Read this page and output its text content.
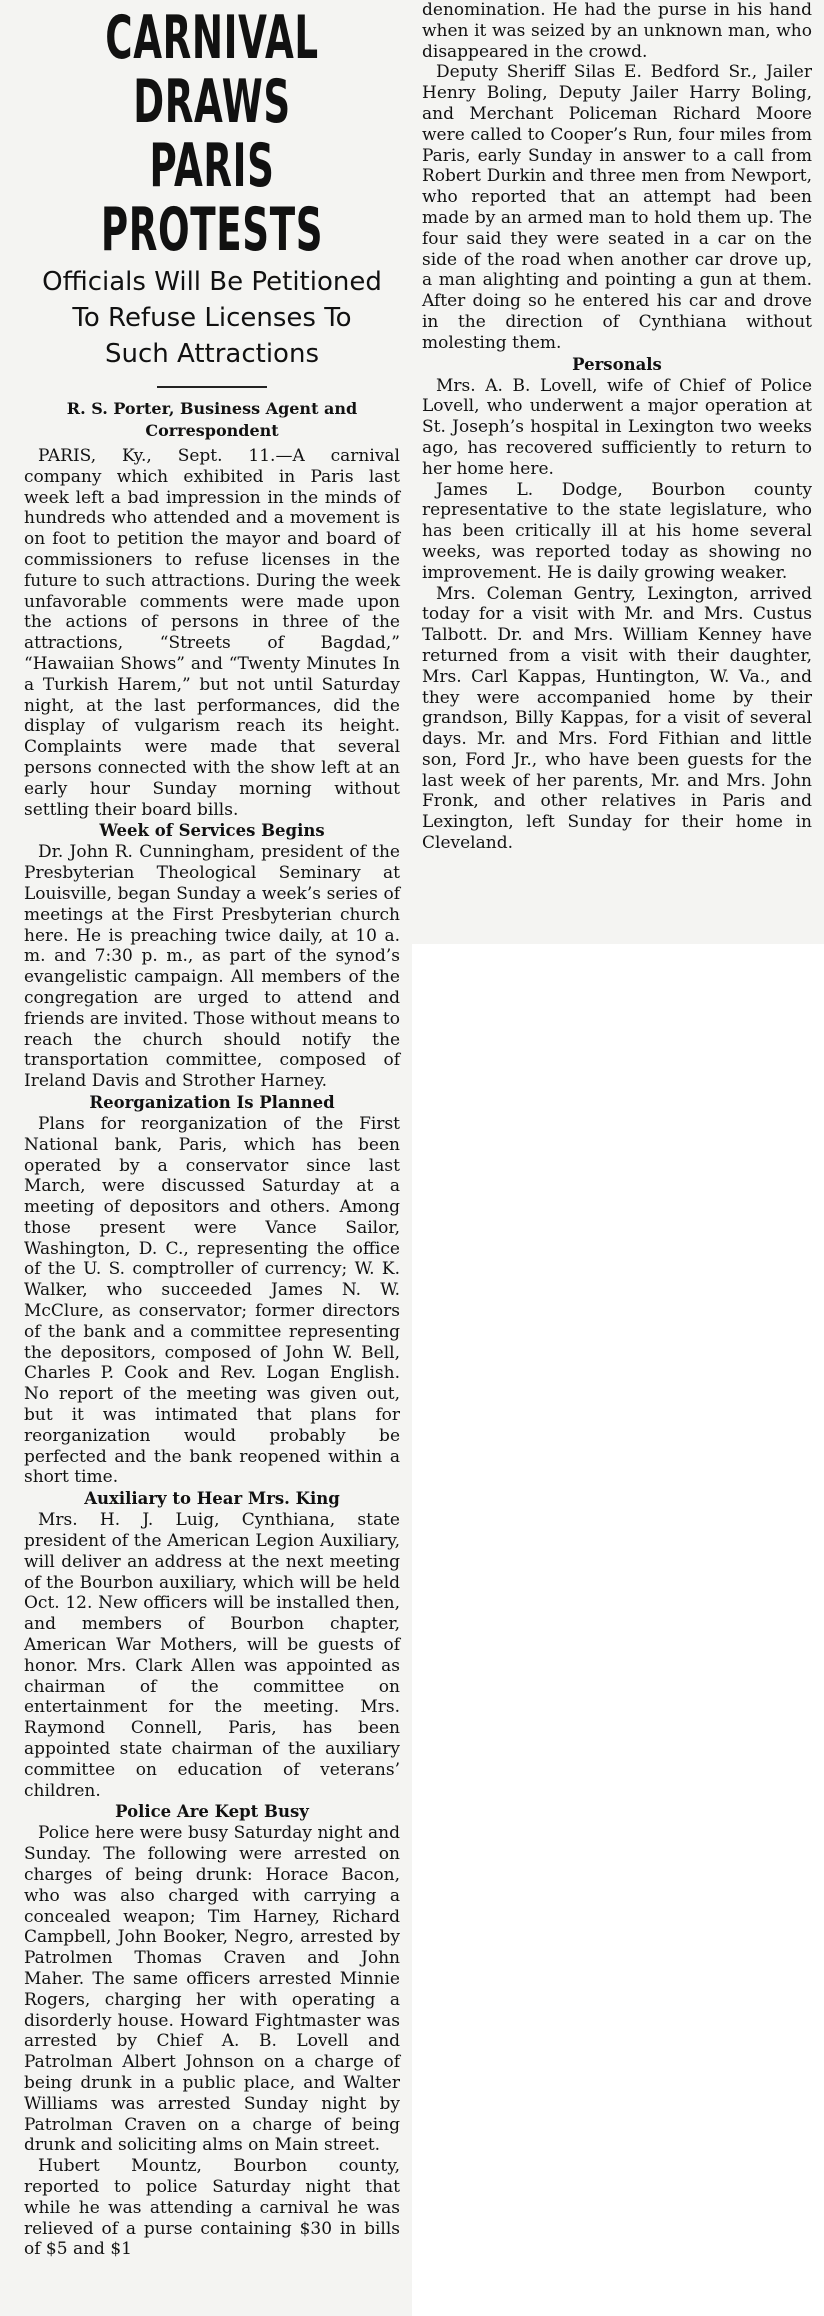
CARNIVAL DRAWS
PARIS PROTESTS
Officials Will Be Petitioned
To Refuse Licenses To
Such Attractions
R. S. Porter, Business Agent and
Correspondent

PARIS, Ky., Sept. 11.—A carnival company which exhibited in Paris last week left a bad impression in the minds of hundreds who attended and a movement is on foot to petition the mayor and board of commissioners to refuse licenses in the future to such attractions. During the week unfavorable comments were made upon the actions of persons in three of the attractions, “Streets of Bagdad,” “Hawaiian Shows” and “Twenty Minutes In a Turkish Harem,” but not until Saturday night, at the last performances, did the display of vulgarism reach its height. Complaints were made that several persons connected with the show left at an early hour Sunday morning without settling their board bills.

Week of Services Begins

Dr. John R. Cunningham, president of the Presbyterian Theological Seminary at Louisville, began Sunday a week’s series of meetings at the First Presbyterian church here. He is preaching twice daily, at 10 a. m. and 7:30 p. m., as part of the synod’s evangelistic campaign. All members of the congregation are urged to attend and friends are invited. Those without means to reach the church should notify the transportation committee, composed of Ireland Davis and Strother Harney.

Reorganization Is Planned

Plans for reorganization of the First National bank, Paris, which has been operated by a conservator since last March, were discussed Saturday at a meeting of depositors and others. Among those present were Vance Sailor, Washington, D. C., representing the office of the U. S. comptroller of currency; W. K. Walker, who succeeded James N. W. McClure, as conservator; former directors of the bank and a committee representing the depositors, composed of John W. Bell, Charles P. Cook and Rev. Logan English. No report of the meeting was given out, but it was intimated that plans for reorganization would probably be perfected and the bank reopened within a short time.

Auxiliary to Hear Mrs. King

Mrs. H. J. Luig, Cynthiana, state president of the American Legion Auxiliary, will deliver an address at the next meeting of the Bourbon auxiliary, which will be held Oct. 12. New officers will be installed then, and members of Bourbon chapter, American War Mothers, will be guests of honor. Mrs. Clark Allen was appointed as chairman of the committee on entertainment for the meeting. Mrs. Raymond Connell, Paris, has been appointed state chairman of the auxiliary committee on education of veterans’ children.

Police Are Kept Busy

Police here were busy Saturday night and Sunday. The following were arrested on charges of being drunk: Horace Bacon, who was also charged with carrying a concealed weapon; Tim Harney, Richard Campbell, John Booker, Negro, arrested by Patrolmen Thomas Craven and John Maher. The same officers arrested Minnie Rogers, charging her with operating a disorderly house. Howard Fightmaster was arrested by Chief A. B. Lovell and Patrolman Albert Johnson on a charge of being drunk in a public place, and Walter Williams was arrested Sunday night by Patrolman Craven on a charge of being drunk and soliciting alms on Main street.

Hubert Mountz, Bourbon county, reported to police Saturday night that while he was attending a carnival he was relieved of a purse containing $30 in bills of $5 and $1

denomination. He had the purse in his hand when it was seized by an unknown man, who disappeared in the crowd.

Deputy Sheriff Silas E. Bedford Sr., Jailer Henry Boling, Deputy Jailer Harry Boling, and Merchant Policeman Richard Moore were called to Cooper’s Run, four miles from Paris, early Sunday in answer to a call from Robert Durkin and three men from Newport, who reported that an attempt had been made by an armed man to hold them up. The four said they were seated in a car on the side of the road when another car drove up, a man alighting and pointing a gun at them. After doing so he entered his car and drove in the direction of Cynthiana without molesting them.

Personals

Mrs. A. B. Lovell, wife of Chief of Police Lovell, who underwent a major operation at St. Joseph’s hospital in Lexington two weeks ago, has recovered sufficiently to return to her home here.

James L. Dodge, Bourbon county representative to the state legislature, who has been critically ill at his home several weeks, was reported today as showing no improvement. He is daily growing weaker.

Mrs. Coleman Gentry, Lexington, arrived today for a visit with Mr. and Mrs. Custus Talbott. Dr. and Mrs. William Kenney have returned from a visit with their daughter, Mrs. Carl Kappas, Huntington, W. Va., and they were accompanied home by their grandson, Billy Kappas, for a visit of several days. Mr. and Mrs. Ford Fithian and little son, Ford Jr., who have been guests for the last week of her parents, Mr. and Mrs. John Fronk, and other relatives in Paris and Lexington, left Sunday for their home in Cleveland.
